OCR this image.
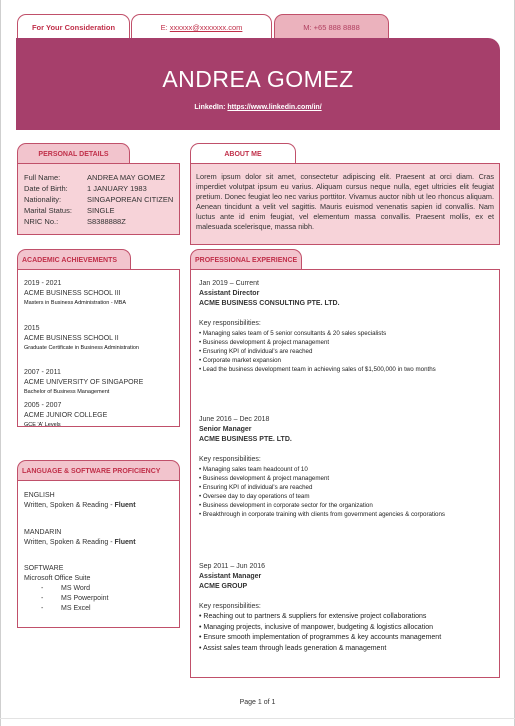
For Your Consideration	E:
xxxxxx@xxxxxxx.com	M: +65 888 8888
ANDREA GOMEZ
LinkedIn: https://www.linkedin.com/in/
PERSONAL DETAILS
Full Name:	ANDREA MAY GOMEZ
Date of Birth:	1 JANUARY 1983
Nationality:	SINGAPOREAN CITIZEN
Marital Status:	SINGLE
NRIC No.:	S8388888Z
ABOUT ME
Lorem ipsum dolor sit amet, consectetur adipiscing elit. Praesent at orci diam. Cras imperdiet volutpat ipsum eu varius. Aliquam cursus neque nulla, eget ultricies elit feugiat pretium. Donec feugiat leo nec varius porttitor. Vivamus auctor nibh ut leo rhoncus aliquam. Aenean tincidunt a velit vel sagittis. Mauris euismod venenatis sapien id convallis. Nam luctus ante id enim feugiat, vel elementum massa convallis. Praesent mollis, ex et malesuada scelerisque, massa nibh.
ACADEMIC ACHIEVEMENTS
2019 - 2021
ACME BUSINESS SCHOOL III
Masters in Business Administration - MBA
2015
ACME BUSINESS SCHOOL II
Graduate Certificate in Business Administration
2007 - 2011
ACME UNIVERSITY OF SINGAPORE
Bachelor of Business Management
2005 - 2007
ACME JUNIOR COLLEGE
GCE 'A' Levels
LANGUAGE & SOFTWARE PROFICIENCY
ENGLISH
Written, Spoken & Reading - Fluent
MANDARIN
Written, Spoken & Reading - Fluent
SOFTWARE
Microsoft Office Suite
-	MS Word
-	MS Powerpoint
-	MS Excel
PROFESSIONAL EXPERIENCE
Jan 2019 – Current
Assistant Director
ACME BUSINESS CONSULTING PTE. LTD.
Key responsibilities:
• Managing sales team of 5 senior consultants & 20 sales specialists
• Business development & project management
• Ensuring KPI of individual's are reached
• Corporate market expansion
• Lead the business development team in achieving sales of $1,500,000 in two months
June 2016 – Dec 2018
Senior Manager
ACME BUSINESS PTE. LTD.
Key responsibilities:
• Managing sales team headcount of 10
• Business development & project management
• Ensuring KPI of individual's are reached
• Oversee day to day operations of team
• Business development in corporate sector for the organization
• Breakthrough in corporate training with clients from government agencies & corporations
Sep 2011 – Jun 2016
Assistant Manager
ACME GROUP
Key responsibilities:
• Reaching out to partners & suppliers for extensive project collaborations
• Managing projects, inclusive of manpower, budgeting & logistics allocation
• Ensure smooth implementation of programmes & key accounts management
• Assist sales team through leads generation & management
Page 1 of 1
